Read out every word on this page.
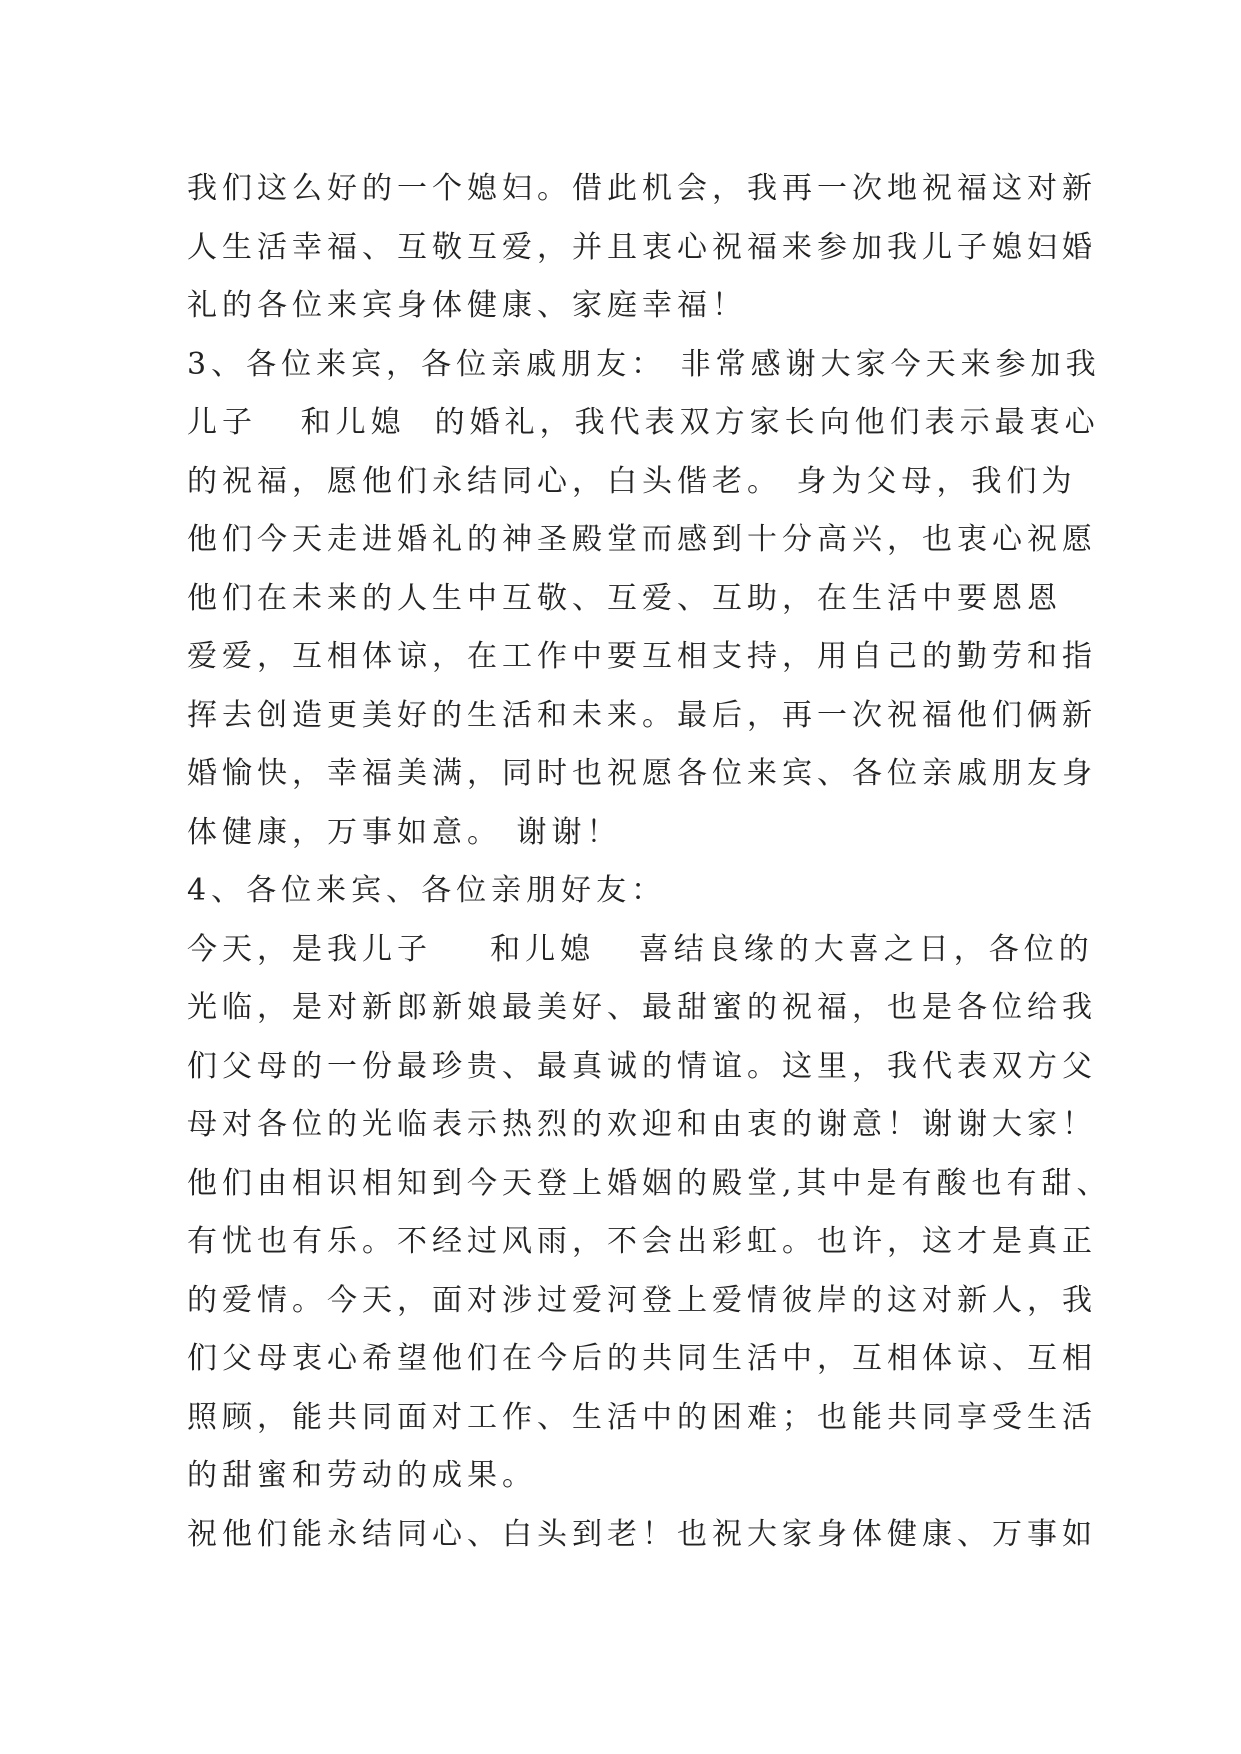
我们这么好的一个媳妇。借此机会，我再一次地祝福这对新
人生活幸福、互敬互爱，并且衷心祝福来参加我儿子媳妇婚
礼的各位来宾身体健康、家庭幸福！
3、各位来宾，各位亲戚朋友： 非常感谢大家今天来参加我
儿子   和儿媳  的婚礼，我代表双方家长向他们表示最衷心
的祝福，愿他们永结同心，白头偕老。 身为父母，我们为
他们今天走进婚礼的神圣殿堂而感到十分高兴，也衷心祝愿
他们在未来的人生中互敬、互爱、互助，在生活中要恩恩
爱爱，互相体谅，在工作中要互相支持，用自己的勤劳和指
挥去创造更美好的生活和未来。最后，再一次祝福他们俩新
婚愉快，幸福美满，同时也祝愿各位来宾、各位亲戚朋友身
体健康，万事如意。 谢谢！
4、各位来宾、各位亲朋好友：
今天，是我儿子    和儿媳   喜结良缘的大喜之日，各位的
光临，是对新郎新娘最美好、最甜蜜的祝福，也是各位给我
们父母的一份最珍贵、最真诚的情谊。这里，我代表双方父
母对各位的光临表示热烈的欢迎和由衷的谢意！谢谢大家！
他们由相识相知到今天登上婚姻的殿堂,其中是有酸也有甜、
有忧也有乐。不经过风雨，不会出彩虹。也许，这才是真正
的爱情。今天，面对涉过爱河登上爱情彼岸的这对新人，我
们父母衷心希望他们在今后的共同生活中，互相体谅、互相
照顾，能共同面对工作、生活中的困难；也能共同享受生活
的甜蜜和劳动的成果。
祝他们能永结同心、白头到老！也祝大家身体健康、万事如
